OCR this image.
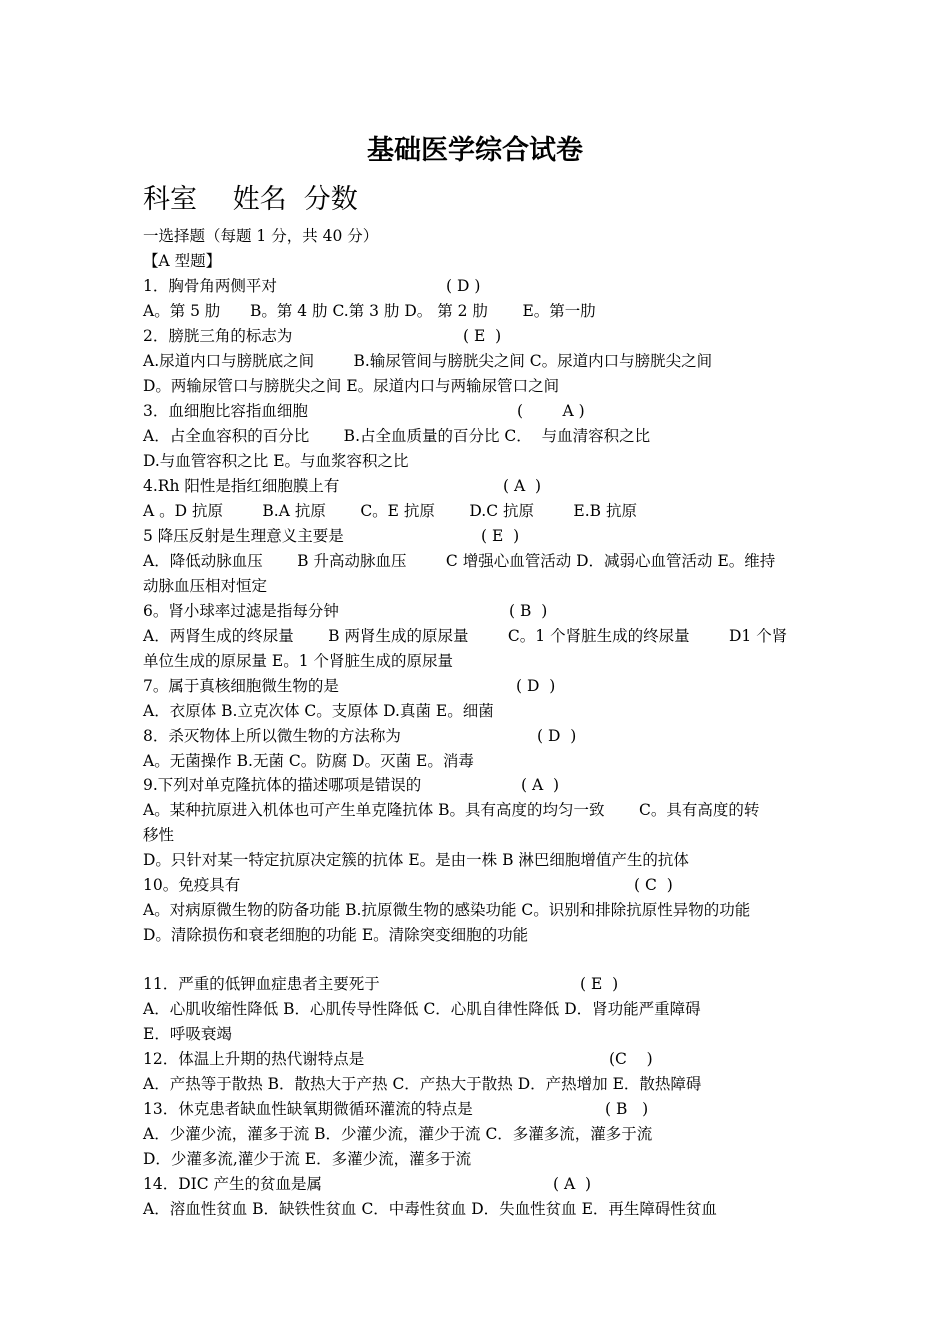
基础医学综合试卷
科室　 姓名  分数
一选择题（每题 1 分，共 40 分）
【A 型题】
1．胸骨角两侧平对	( D )
A。第 5 肋      B。第 4 肋 C.第 3 肋 D。 第 2 肋       E。第一肋
2．膀胱三角的标志为	( E  )
A.尿道内口与膀胱底之间        B.输尿管间与膀胱尖之间 C。尿道内口与膀胱尖之间
D。两输尿管口与膀胱尖之间 E。尿道内口与两输尿管口之间
3．血细胞比容指血细胞	(        A )
A．占全血容积的百分比       B.占全血质量的百分比 C．  与血清容积之比
D.与血管容积之比 E。与血浆容积之比
4.Rh 阳性是指红细胞膜上有	( A  )
A 。D 抗原        B.A 抗原       C。E 抗原       D.C 抗原        E.B 抗原
5 降压反射是生理意义主要是	( E  )
A．降低动脉血压       B 升高动脉血压        C 增强心血管活动 D．减弱心血管活动 E。维持
动脉血压相对恒定
6。肾小球率过滤是指每分钟	( B  )
A．两肾生成的终尿量       B 两肾生成的原尿量        C。1 个肾脏生成的终尿量        D1 个肾
单位生成的原尿量 E。1 个肾脏生成的原尿量
7。属于真核细胞微生物的是	( D  )
A．衣原体 B.立克次体 C。支原体 D.真菌 E。细菌
8．杀灭物体上所以微生物的方法称为	( D  )
A。无菌操作 B.无菌 C。防腐 D。灭菌 E。消毒
9.下列对单克隆抗体的描述哪项是错误的	( A  )
A。某种抗原进入机体也可产生单克隆抗体 B。具有高度的均匀一致       C。具有高度的转
移性
D。只针对某一特定抗原决定簇的抗体 E。是由一株 B 淋巴细胞增值产生的抗体
10。免疫具有	( C  )
A。对病原微生物的防备功能 B.抗原微生物的感染功能 C。识别和排除抗原性异物的功能
D。清除损伤和衰老细胞的功能 E。清除突变细胞的功能
11．严重的低钾血症患者主要死于	( E  )
A．心肌收缩性降低 B．心肌传导性降低 C．心肌自律性降低 D．肾功能严重障碍
E．呼吸衰竭
12．体温上升期的热代谢特点是	(C    )
A．产热等于散热 B．散热大于产热 C．产热大于散热 D．产热增加 E．散热障碍
13．休克患者缺血性缺氧期微循环灌流的特点是	( B   )
A．少灌少流，灌多于流 B．少灌少流，灌少于流 C．多灌多流，灌多于流
D．少灌多流,灌少于流 E．多灌少流，灌多于流
14．DIC 产生的贫血是属	( A  )
A．溶血性贫血 B．缺铁性贫血 C．中毒性贫血 D．失血性贫血 E．再生障碍性贫血
